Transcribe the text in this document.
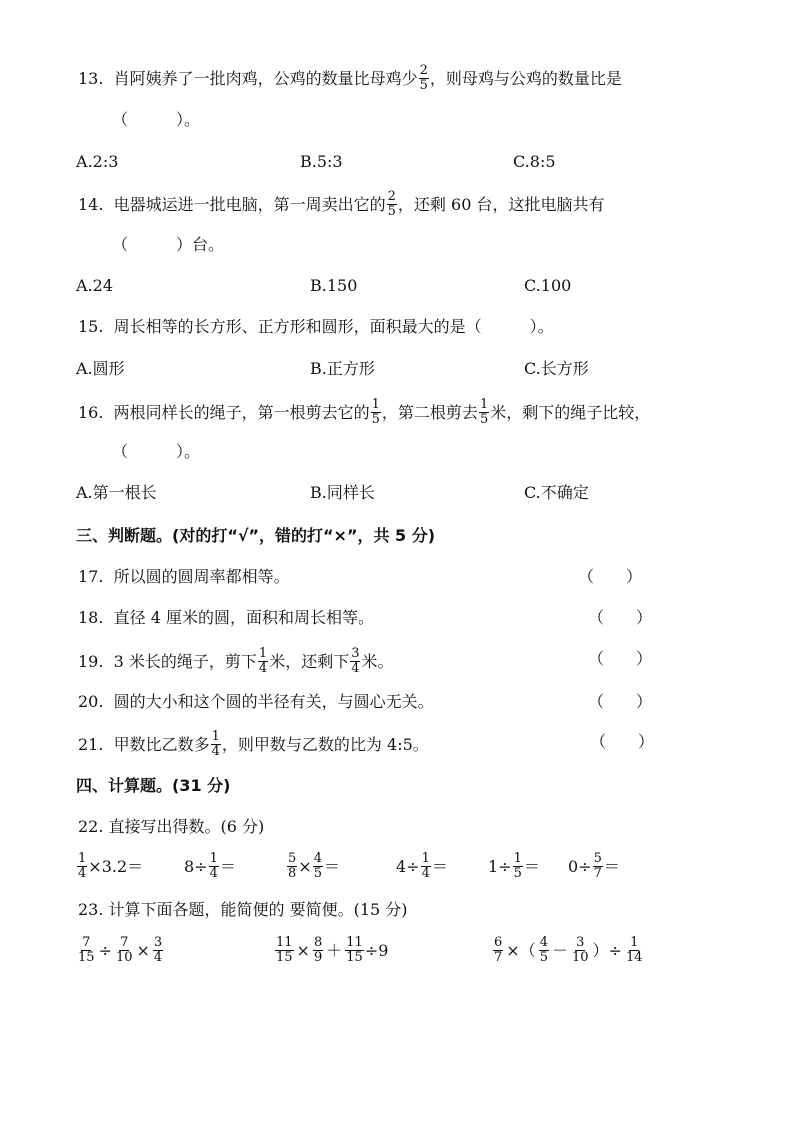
13.
肖阿姨养了一批肉鸡，公鸡的数量比母鸡少 $\frac{2}{5}$ ，则母鸡与公鸡的数量比是
（　　　）。
A.2:3	B.5:3	C.8:5
14.
电器城运进一批电脑，第一周卖出它的 $\frac{2}{5}$ ，还剩 60 台，这批电脑共有
（　　　）台。
A.24	B.150	C.100
15.
周长相等的长方形、正方形和圆形，面积最大的是（　　　）。
A.圆形	B.正方形	C.长方形
16.
两根同样长的绳子，第一根剪去它的 $\frac{1}{5}$ ，第二根剪去 $\frac{1}{5}$ 米，剩下的绳子比较，
（　　　）。
A.第一根长	B.同样长	C.不确定
三、判断题。(对的打“√”，错的打“×”，共 5 分)
17.
所以圆的圆周率都相等。	（　　）
18.
直径 4 厘米的圆，面积和周长相等。	（　　）
19.
3 米长的绳子，剪下 $\frac{1}{4}$ 米，还剩下 $\frac{3}{4}$ 米。	（　　）
20.
圆的大小和这个圆的半径有关，与圆心无关。	（　　）
21.
甲数比乙数多 $\frac{1}{4}$ ，则甲数与乙数的比为 4:5。	（　　）
四、计算题。(31 分)
22. 直接写出得数。(6 分)
$\frac{1}{4} \times 3.2=$	$8\div \frac{1}{4}$ ＝	$\frac{5}{8} \times \frac{4}{5}$ ＝	$4\div \frac{1}{4}$ ＝	$1\div \frac{1}{5} = 0\div \frac{5}{7}$ ＝
23. 计算下面各题，能简便的 要简便。(15 分)
$\frac{7}{15} \div \frac{7}{10} \times \frac{3}{4}$	$\frac{11}{15} \times \frac{8}{9} + \frac{11}{15} \div 9$	$\frac{6}{7}$ ×（ $\frac{4}{5} - \frac{3}{10}$ ）÷ $\frac{1}{14}$
